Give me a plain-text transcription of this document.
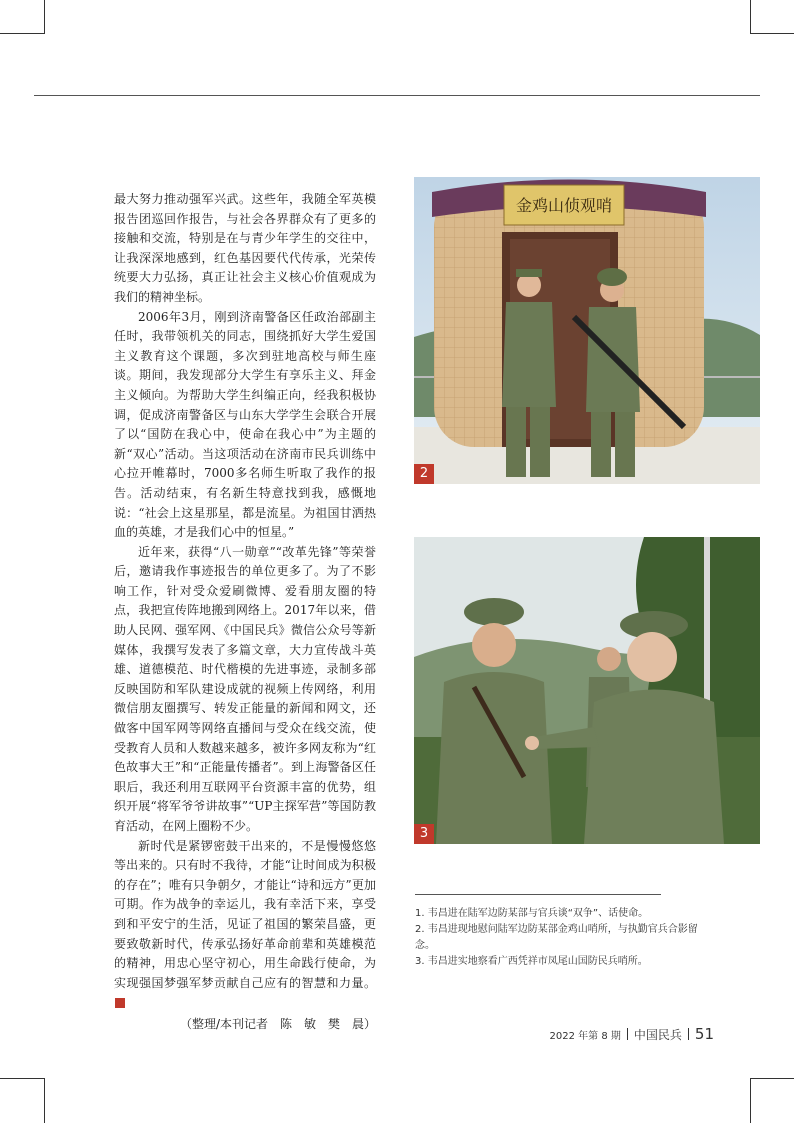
最大努力推动强军兴武。这些年，我随全军英模报告团巡回作报告，与社会各界群众有了更多的接触和交流，特别是在与青少年学生的交往中，让我深深地感到，红色基因要代代传承，光荣传统要大力弘扬，真正让社会主义核心价值观成为我们的精神坐标。

2006年3月，刚到济南警备区任政治部副主任时，我带领机关的同志，围绕抓好大学生爱国主义教育这个课题，多次到驻地高校与师生座谈。期间，我发现部分大学生有享乐主义、拜金主义倾向。为帮助大学生纠编正向，经我积极协调，促成济南警备区与山东大学学生会联合开展了以“国防在我心中，使命在我心中”为主题的新“双心”活动。当这项活动在济南市民兵训练中心拉开帷幕时，7000多名师生听取了我作的报告。活动结束，有名新生特意找到我，感慨地说：“社会上这星那星，都是流星。为祖国甘洒热血的英雄，才是我们心中的恒星。”

近年来，获得“八一勋章”“改革先锋”等荣誉后，邀请我作事迹报告的单位更多了。为了不影响工作，针对受众爱刷微博、爱看朋友圈的特点，我把宣传阵地搬到网络上。2017年以来，借助人民网、强军网、《中国民兵》微信公众号等新媒体，我撰写发表了多篇文章，大力宣传战斗英雄、道德模范、时代楷模的先进事迹，录制多部反映国防和军队建设成就的视频上传网络，利用微信朋友圈撰写、转发正能量的新闻和网文，还做客中国军网等网络直播间与受众在线交流，使受教育人员和人数越来越多，被许多网友称为“红色故事大王”和“正能量传播者”。到上海警备区任职后，我还利用互联网平台资源丰富的优势，组织开展“将军爷爷讲故事”“UP主探军营”等国防教育活动，在网上圈粉不少。

新时代是紧锣密鼓干出来的，不是慢慢悠悠等出来的。只有时不我待，才能“让时间成为积极的存在”；唯有只争朝夕，才能让“诗和远方”更加可期。作为战争的幸运儿，我有幸活下来，享受到和平安宁的生活，见证了祖国的繁荣昌盛，更要致敬新时代，传承弘扬好革命前辈和英雄模范的精神，用忠心坚守初心，用生命践行使命，为实现强国梦强军梦贡献自己应有的智慧和力量。民

（整理/本刊记者　陈　敏　樊　晨）
金鸡山侦观哨
2
3

1. 韦昌进在陆军边防某部与官兵谈“双争”、话使命。

2. 韦昌进现地慰问陆军边防某部金鸡山哨所，与执勤官兵合影留念。

3. 韦昌进实地察看广西凭祥市凤尾山国防民兵哨所。

2022 年第 8 期 中国民兵 51
